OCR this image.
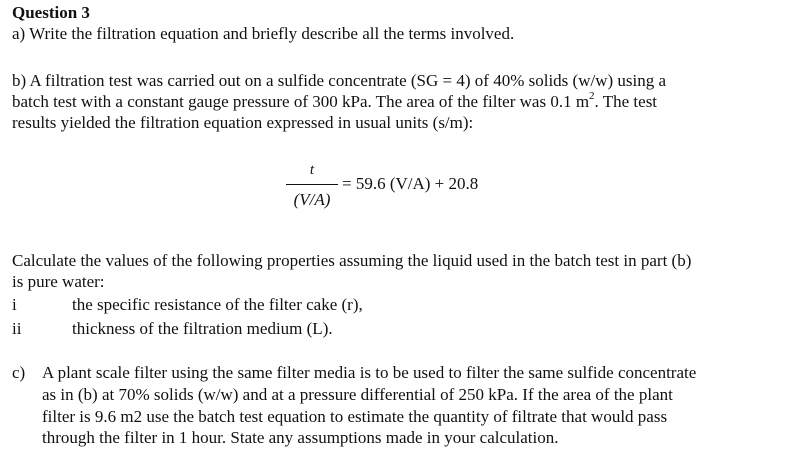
Question 3
a) Write the filtration equation and briefly describe all the terms involved.
b) A filtration test was carried out on a sulfide concentrate (SG = 4) of 40% solids (w/w) using a
batch test with a constant gauge pressure of 300 kPa. The area of the filter was 0.1 $m^2$. The test
results yielded the filtration equation expressed in usual units (s/m):
t
(V/A)
= 59.6 (V/A) + 20.8
Calculate the values of the following properties assuming the liquid used in the batch test in part (b)
is pure water:
i	the specific resistance of the filter cake (r),
ii	thickness of the filtration medium (L).
c) A plant scale filter using the same filter media is to be used to filter the same sulfide concentrate
as in (b) at 70% solids (w/w) and at a pressure differential of 250 kPa. If the area of the plant
filter is 9.6 m2 use the batch test equation to estimate the quantity of filtrate that would pass
through the filter in 1 hour. State any assumptions made in your calculation.
